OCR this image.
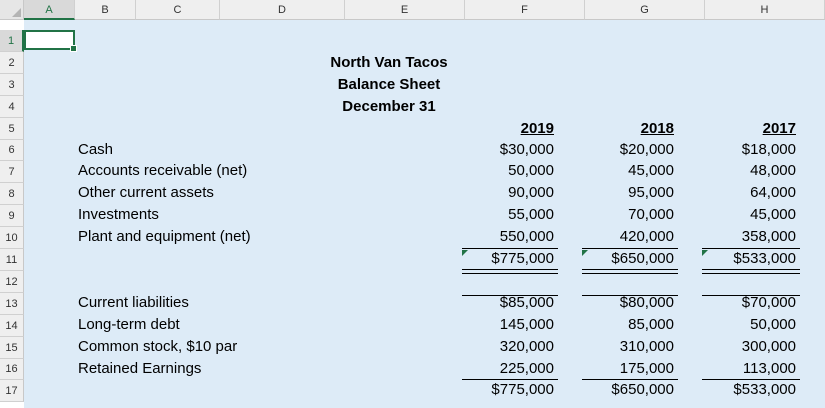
A	B	C	D	E	F	G	H
1
2
3
4
5
6
7
8
9
10
11
12
13
14
15
16
17
North Van Tacos
Balance Sheet
December 31
2019	2018	2017
Cash	$30,000	$20,000	$18,000
Accounts receivable (net)	50,000	45,000	48,000
Other current assets	90,000	95,000	64,000
Investments	55,000	70,000	45,000
Plant and equipment (net)	550,000	420,000	358,000
$775,000	$650,000	$533,000
Current liabilities	$85,000	$80,000	$70,000
Long-term debt	145,000	85,000	50,000
Common stock, $10 par	320,000	310,000	300,000
Retained Earnings	225,000	175,000	113,000
$775,000	$650,000	$533,000
